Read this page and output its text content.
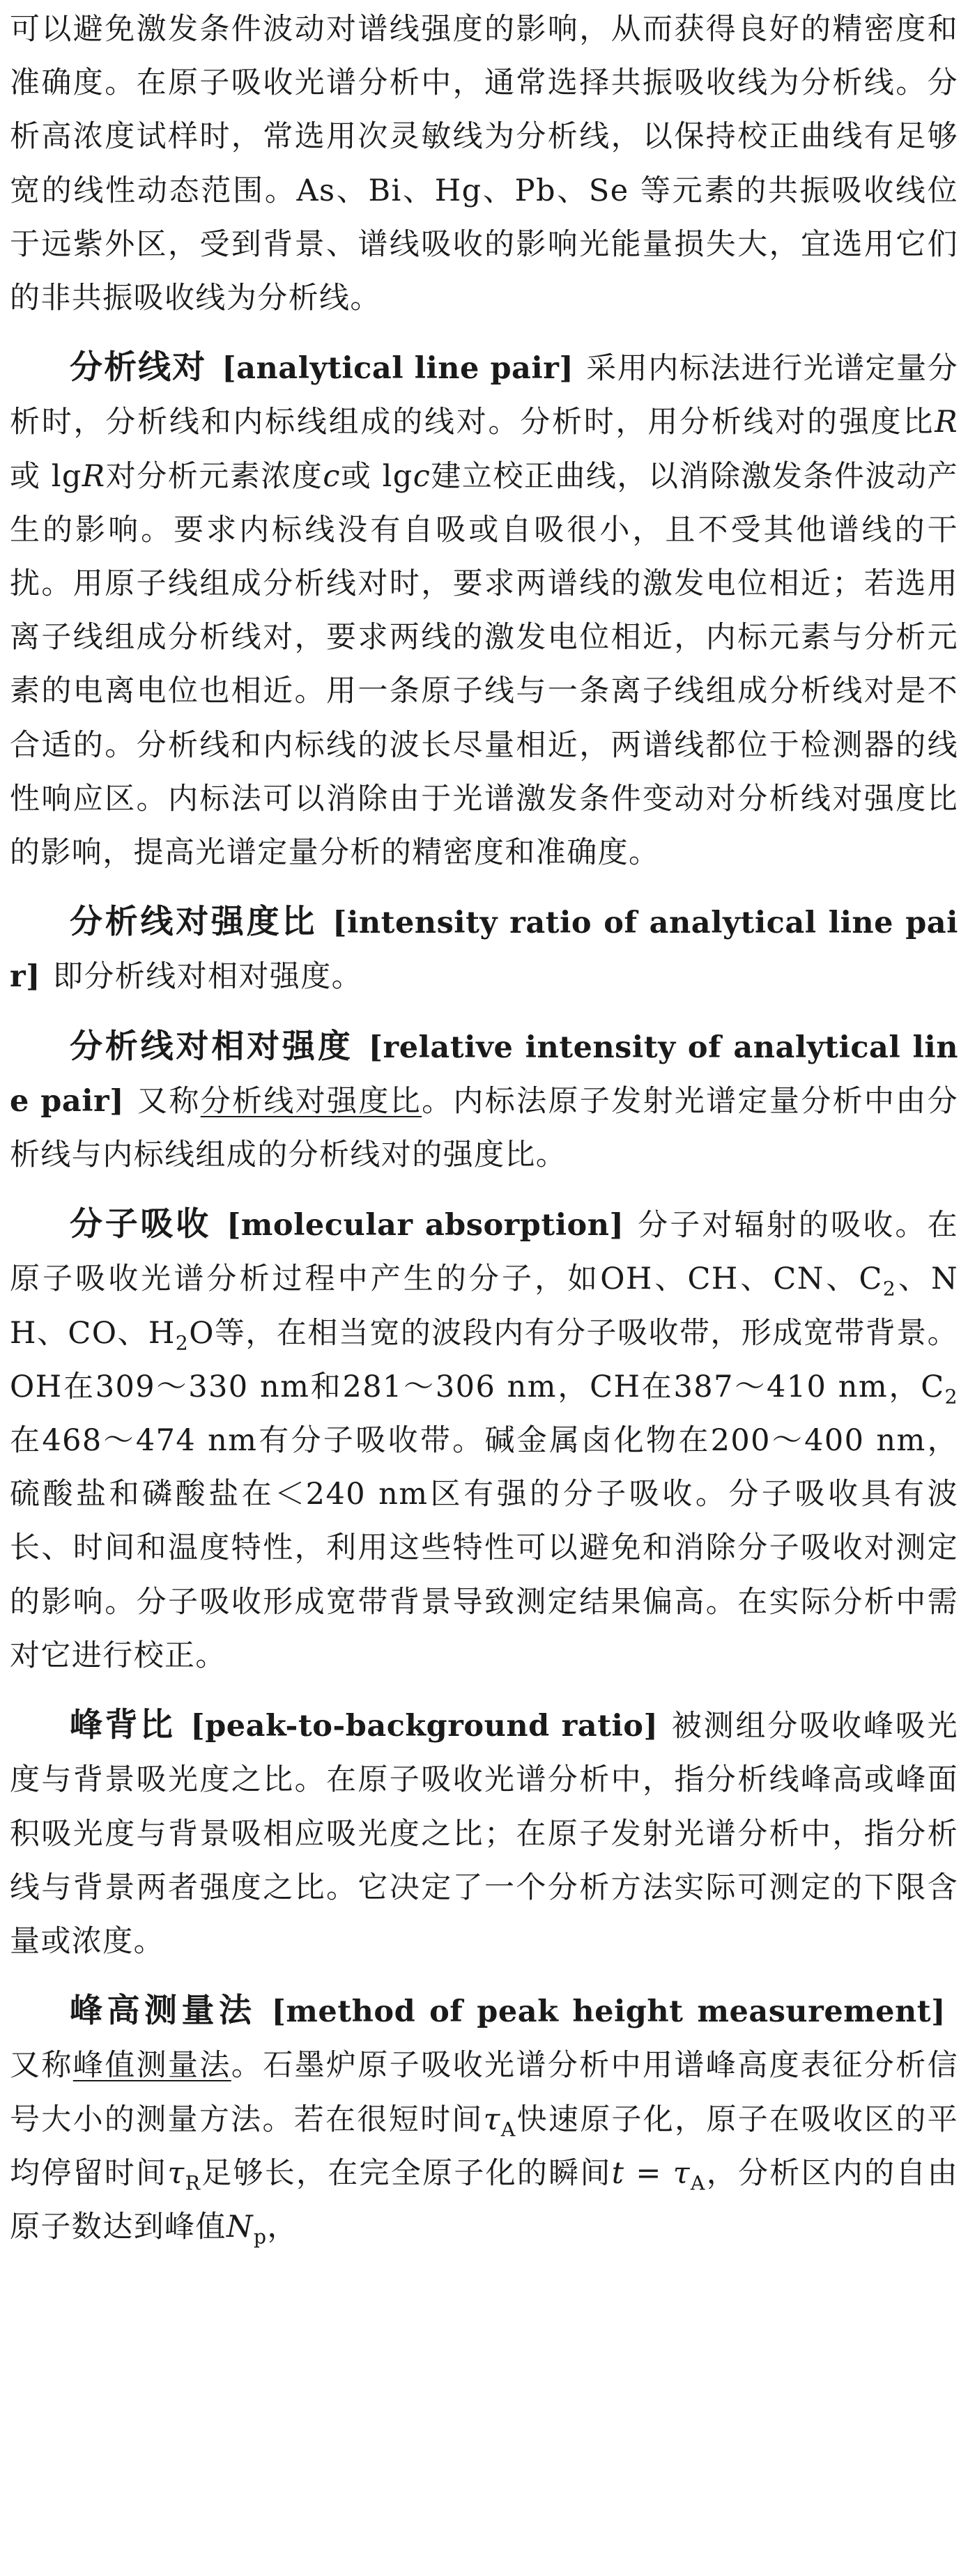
可以避免激发条件波动对谱线强度的影响，从而获得良好的精密度和准确度。在原子吸收光谱分析中，通常选择共振吸收线为分析线。分析高浓度试样时，常选用次灵敏线为分析线，以保持校正曲线有足够宽的线性动态范围。As、Bi、Hg、Pb、Se 等元素的共振吸收线位于远紫外区，受到背景、谱线吸收的影响光能量损失大，宜选用它们的非共振吸收线为分析线。

分析线对 [analytical line pair] 采用内标法进行光谱定量分析时，分析线和内标线组成的线对。分析时，用分析线对的强度比R或 lgR对分析元素浓度c或 lgc建立校正曲线，以消除激发条件波动产生的影响。要求内标线没有自吸或自吸很小，且不受其他谱线的干扰。用原子线组成分析线对时，要求两谱线的激发电位相近；若选用离子线组成分析线对，要求两线的激发电位相近，内标元素与分析元素的电离电位也相近。用一条原子线与一条离子线组成分析线对是不合适的。分析线和内标线的波长尽量相近，两谱线都位于检测器的线性响应区。内标法可以消除由于光谱激发条件变动对分析线对强度比的影响，提高光谱定量分析的精密度和准确度。

分析线对强度比 [intensity ratio of analytical line pair] 即分析线对相对强度。

分析线对相对强度 [relative intensity of analytical line pair] 又称分析线对强度比。内标法原子发射光谱定量分析中由分析线与内标线组成的分析线对的强度比。

分子吸收 [molecular absorption] 分子对辐射的吸收。在原子吸收光谱分析过程中产生的分子，如OH、CH、CN、$C_2$、NH、CO、$H_2O$等，在相当宽的波段内有分子吸收带，形成宽带背景。OH在309～330 nm和281～306 nm，CH在387～410 nm，$C_2$在468～474 nm有分子吸收带。碱金属卤化物在200～400 nm，硫酸盐和磷酸盐在＜240 nm区有强的分子吸收。分子吸收具有波长、时间和温度特性，利用这些特性可以避免和消除分子吸收对测定的影响。分子吸收形成宽带背景导致测定结果偏高。在实际分析中需对它进行校正。

峰背比 [peak-to-background ratio] 被测组分吸收峰吸光度与背景吸光度之比。在原子吸收光谱分析中，指分析线峰高或峰面积吸光度与背景吸相应吸光度之比；在原子发射光谱分析中，指分析线与背景两者强度之比。它决定了一个分析方法实际可测定的下限含量或浓度。

峰高测量法 [method of peak height measurement]又称峰值测量法。石墨炉原子吸收光谱分析中用谱峰高度表征分析信号大小的测量方法。若在很短时间$\tau_A$快速原子化，原子在吸收区的平均停留时间$\tau_R$足够长，在完全原子化的瞬间$t = \tau_A$，分析区内的自由原子数达到峰值$N_p$，
